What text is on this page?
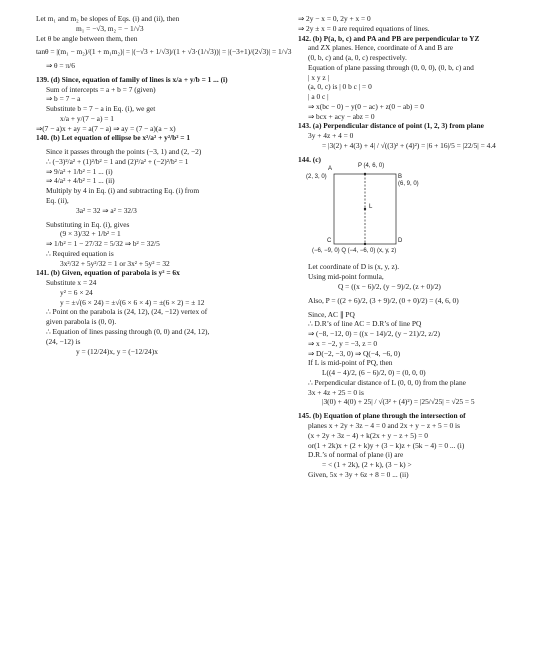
Let m₁ and m₂ be slopes of Eqs. (i) and (ii), then
m₁ = −√3, m₂ = − 1/√3
Let θ be angle between them, then
tanθ = |(m₁ − m₂)/(1 + m₁m₂)| = |(−√3 + 1/√3)/(1 + √3·(1/√3))| = |(−3+1)/(2√3)| = 1/√3
⇒ θ = π/6
139. (d) Since, equation of family of lines is x/a + y/b = 1 ... (i)
Sum of intercepts = a + b = 7 (given)
⇒ b = 7 − a
Substitute b = 7 − a in Eq. (i), we get
x/a + y/(7 − a) = 1
⇒(7 − a)x + ay = a(7 − a) ⇒ ay = (7 − a)(a − x)
140. (b) Let equation of ellipse be x²/a² + y²/b² = 1
Since it passes through the points (−3, 1) and (2, −2)
∴ (−3)²/a² + (1)²/b² = 1 and (2)²/a² + (−2)²/b² = 1
⇒ 9/a² + 1/b² = 1 ... (i)
⇒ 4/a² + 4/b² = 1 ... (ii)
Multiply by 4 in Eq. (i) and subtracting Eq. (i) from
Eq. (ii),
3a² = 32 ⇒ a² = 32/3
Substituting in Eq. (i), gives
(9 × 3)/32 + 1/b² = 1
⇒ 1/b² = 1 − 27/32 = 5/32 ⇒ b² = 32/5
∴ Required equation is
3x²/32 + 5y²/32 = 1 or 3x² + 5y² = 32
141. (b) Given, equation of parabola is y² = 6x
Substitute x = 24
y² = 6 × 24
y = ±√(6 × 24) = ±√(6 × 6 × 4) = ±(6 × 2) = ± 12
∴ Point on the parabola is (24, 12), (24, −12) vertex of
given parabola is (0, 0).
∴ Equation of lines passing through (0, 0) and (24, 12),
(24, −12) is
y = (12/24)x, y = (−12/24)x
⇒ 2y − x = 0, 2y + x = 0
⇒ 2y ± x = 0 are required equations of lines.
142. (b) P(a, b, c) and PA and PB are perpendicular to YZ
and ZX planes. Hence, coordinate of A and B are
(0, b, c) and (a, 0, c) respectively.
Equation of plane passing through (0, 0, 0), (0, b, c) and
| x y z |
(a, 0, c) is | 0 b c | = 0
| a 0 c |
⇒ x(bc − 0) − y(0 − ac) + z(0 − ab) = 0
⇒ bcx + acy − abz = 0
143. (a) Perpendicular distance of point (1, 2, 3) from plane
3y + 4z + 4 = 0
= |3(2) + 4(3) + 4| / √((3)² + (4)²) = |6 + 16|/5 = |22/5| = 4.4
144. (c)
P (4, 6, 0)
A
(2, 3, 0)	B
(6, 9, 0)
L
C	D
(−6, −9, 0) Q (−4, −6, 0) (x, y, z)
Let coordinate of D is (x, y, z).
Using mid-point formula,
Q = ((x − 6)/2, (y − 9)/2, (z + 0)/2)
Also, P = ((2 + 6)/2, (3 + 9)/2, (0 + 0)/2) = (4, 6, 0)
Since, AC ∥ PQ
∴ D.R’s of line AC = D.R’s of line PQ
⇒ (−8, −12, 0) = ((x − 14)/2, (y − 21)/2, z/2)
⇒ x = −2, y = −3, z = 0
⇒ D(−2, −3, 0) ⇒ Q(−4, −6, 0)
If L is mid-point of PQ, then
L((4 − 4)/2, (6 − 6)/2, 0) = (0, 0, 0)
∴ Perpendicular distance of L (0, 0, 0) from the plane
3x + 4z + 25 = 0 is
|3(0) + 4(0) + 25| / √(3² + (4)²) = |25/√25| = √25 = 5
145. (b) Equation of plane through the intersection of
planes x + 2y + 3z − 4 = 0 and 2x + y − z + 5 = 0 is
(x + 2y + 3z − 4) + k(2x + y − z + 5) = 0
or(1 + 2k)x + (2 + k)y + (3 − k)z + (5k − 4) = 0 ... (i)
D.R.’s of normal of plane (i) are
= < (1 + 2k), (2 + k), (3 − k) >
Given, 5x + 3y + 6z + 8 = 0 ... (ii)
